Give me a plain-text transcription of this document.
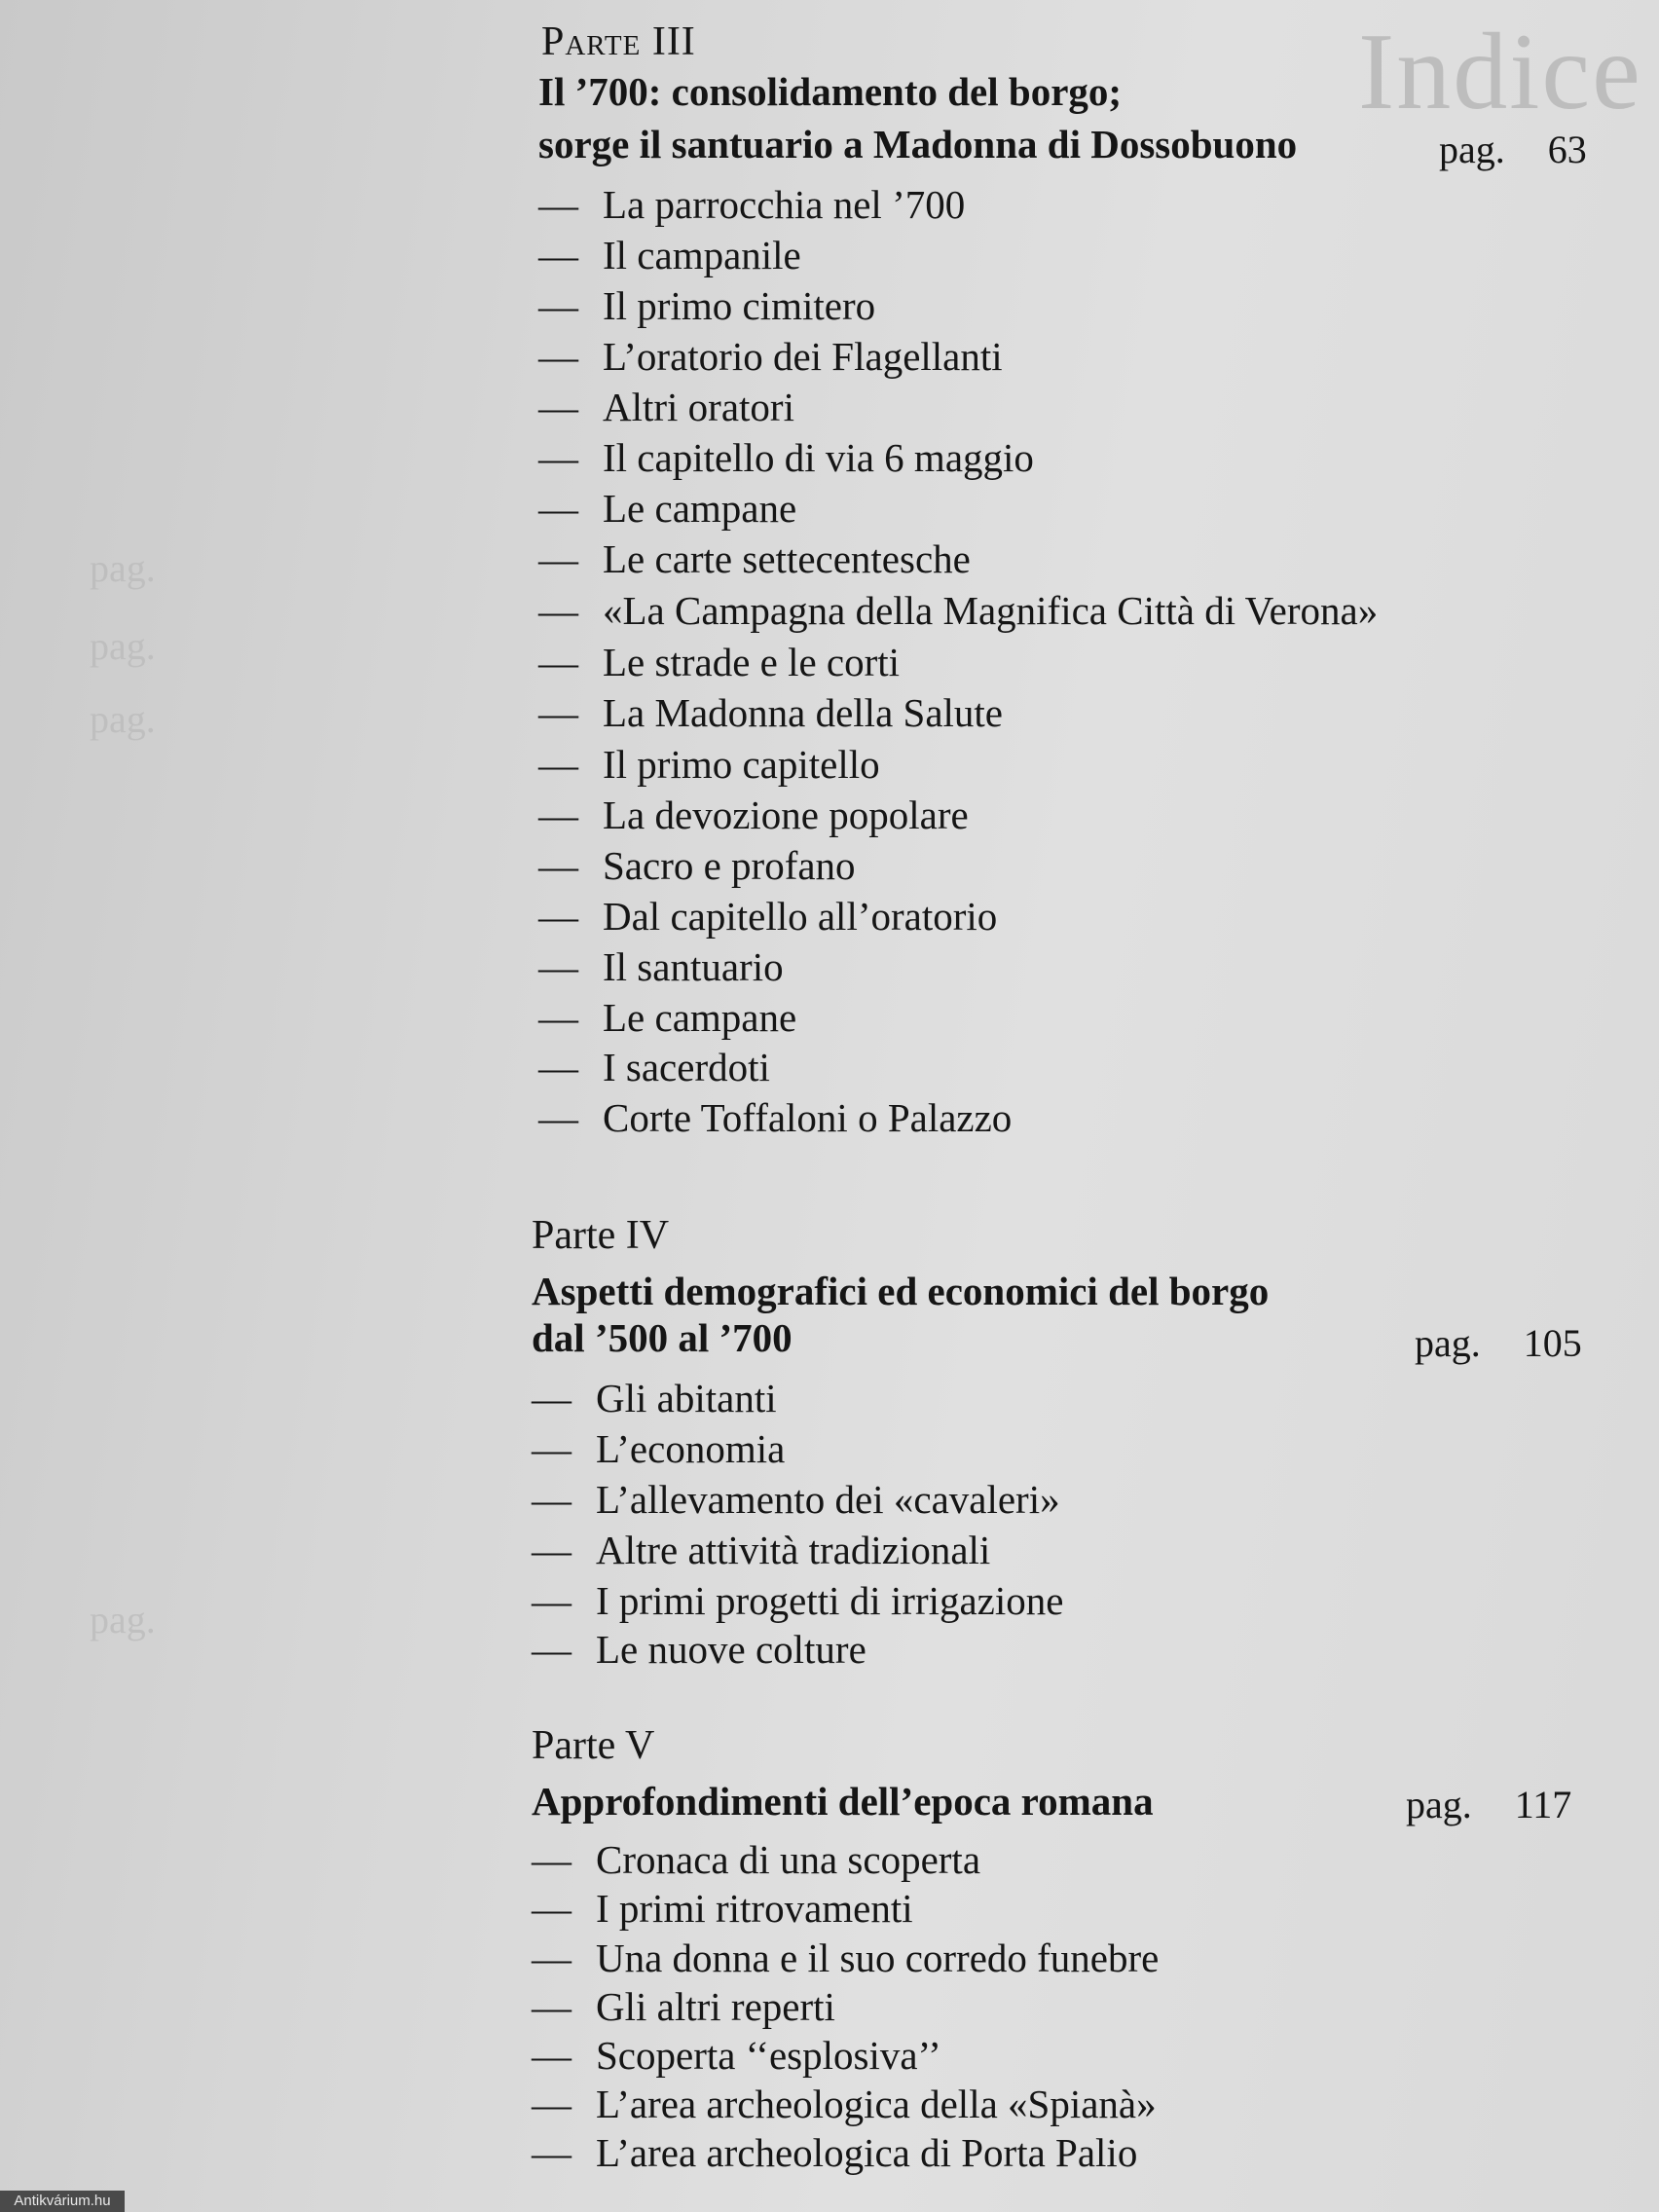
Indice
pag.
pag.
pag.
pag.
Parte III
Il ’700: consolidamento del borgo;
sorge il santuario a Madonna di Dossobuono	pag. 63
— La parrocchia nel ’700
— Il campanile
— Il primo cimitero
— L’oratorio dei Flagellanti
— Altri oratori
— Il capitello di via 6 maggio
— Le campane
— Le carte settecentesche
— «La Campagna della Magnifica Città di Verona»
— Le strade e le corti
— La Madonna della Salute
— Il primo capitello
— La devozione popolare
— Sacro e profano
— Dal capitello all’oratorio
— Il santuario
— Le campane
— I sacerdoti
— Corte Toffaloni o Palazzo
Parte IV
Aspetti demografici ed economici del borgo
dal ’500 al ’700	pag. 105
— Gli abitanti
— L’economia
— L’allevamento dei «cavaleri»
— Altre attività tradizionali
— I primi progetti di irrigazione
— Le nuove colture
Parte V
Approfondimenti dell’epoca romana	pag. 117
— Cronaca di una scoperta
— I primi ritrovamenti
— Una donna e il suo corredo funebre
— Gli altri reperti
— Scoperta ‘‘esplosiva’’
— L’area archeologica della «Spianà»
— L’area archeologica di Porta Palio
Antikvárium.hu
